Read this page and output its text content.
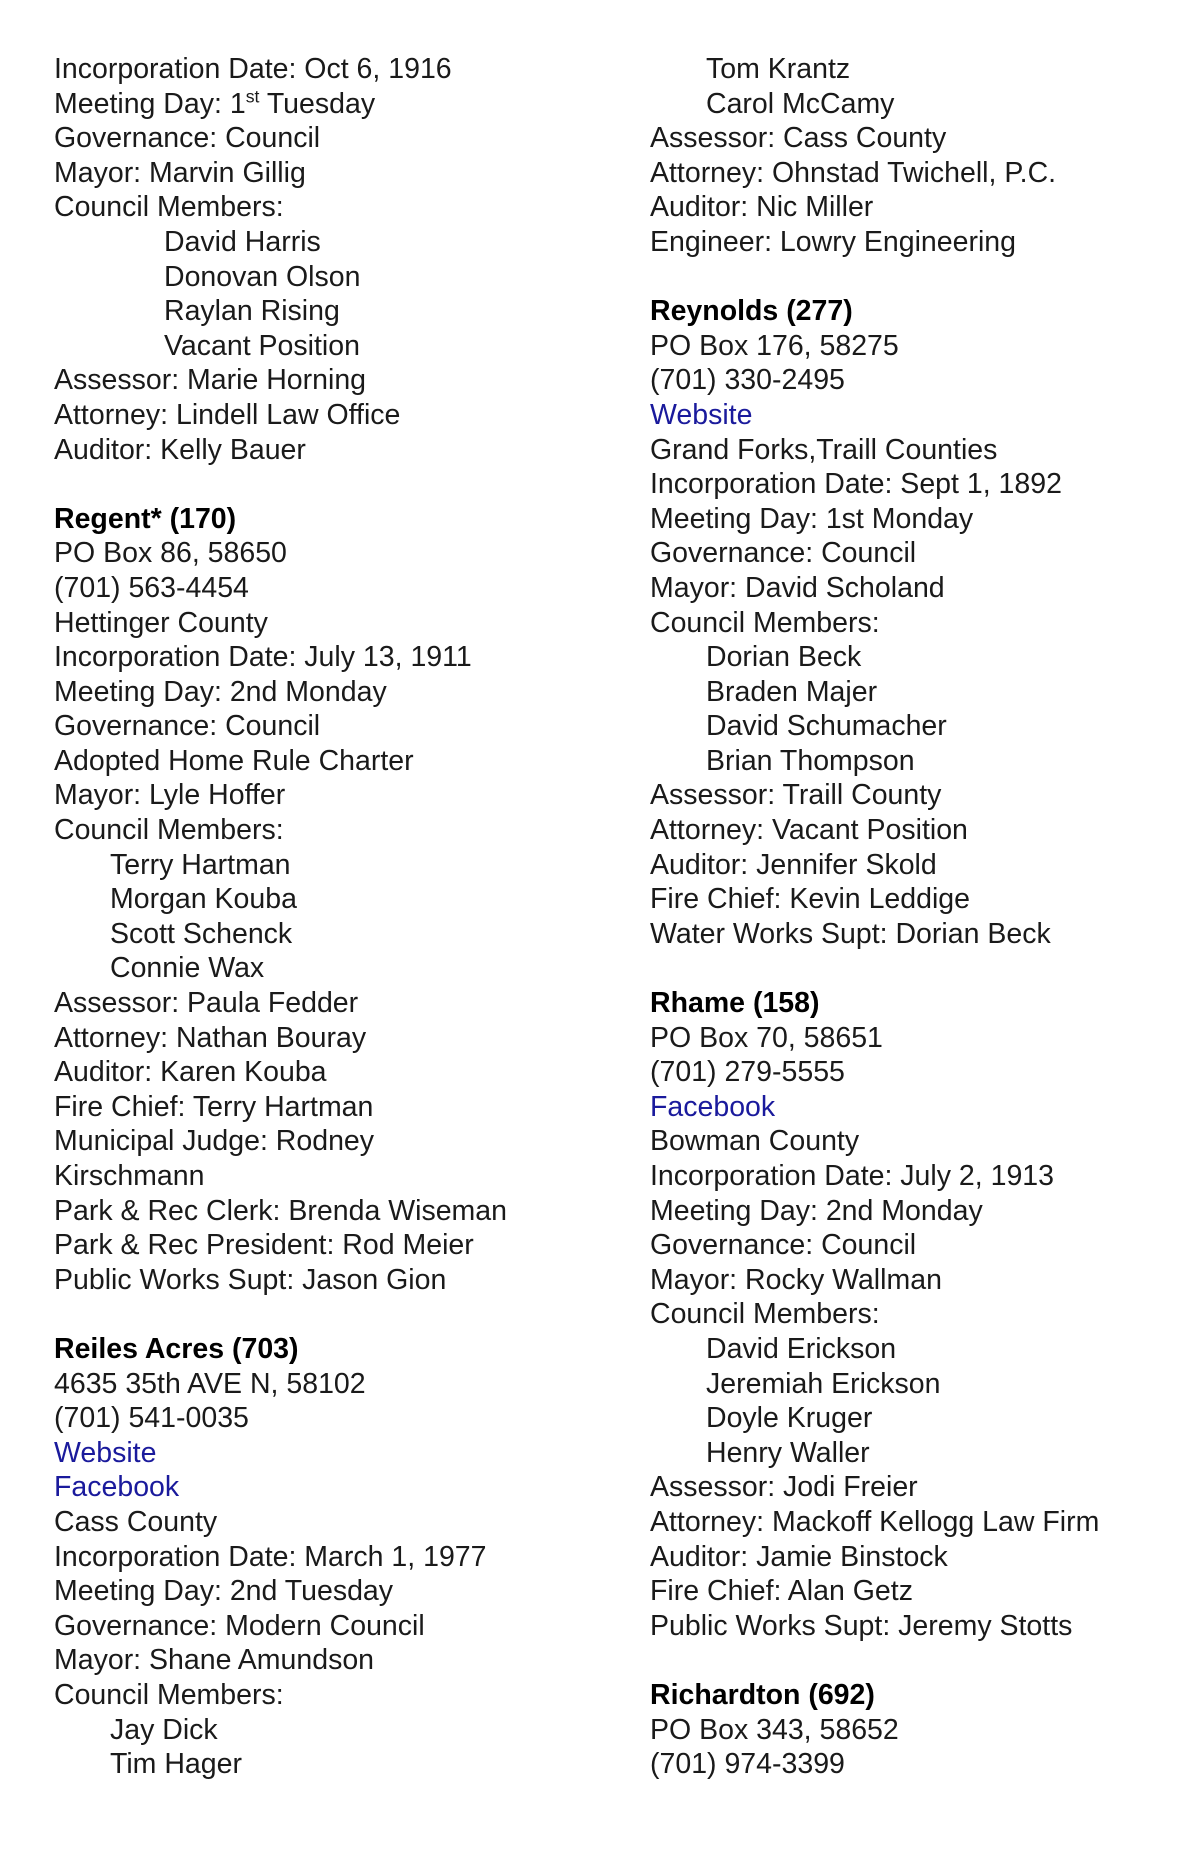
Incorporation Date: Oct 6, 1916
Meeting Day: 1st Tuesday
Governance: Council
Mayor: Marvin Gillig
Council Members:
David Harris
Donovan Olson
Raylan Rising
Vacant Position
Assessor: Marie Horning
Attorney: Lindell Law Office
Auditor: Kelly Bauer
Regent* (170)
PO Box 86, 58650
(701) 563-4454
Hettinger County
Incorporation Date: July 13, 1911
Meeting Day: 2nd Monday
Governance: Council
Adopted Home Rule Charter
Mayor: Lyle Hoffer
Council Members:
Terry Hartman
Morgan Kouba
Scott Schenck
Connie Wax
Assessor: Paula Fedder
Attorney: Nathan Bouray
Auditor: Karen Kouba
Fire Chief: Terry Hartman
Municipal Judge: Rodney
Kirschmann
Park & Rec Clerk: Brenda Wiseman
Park & Rec President: Rod Meier
Public Works Supt: Jason Gion
Reiles Acres (703)
4635 35th AVE N, 58102
(701) 541-0035
Website
Facebook
Cass County
Incorporation Date: March 1, 1977
Meeting Day: 2nd Tuesday
Governance: Modern Council
Mayor: Shane Amundson
Council Members:
Jay Dick
Tim Hager
Tom Krantz
Carol McCamy
Assessor: Cass County
Attorney: Ohnstad Twichell, P.C.
Auditor: Nic Miller
Engineer: Lowry Engineering
Reynolds (277)
PO Box 176, 58275
(701) 330-2495
Website
Grand Forks,Traill Counties
Incorporation Date: Sept 1, 1892
Meeting Day: 1st Monday
Governance: Council
Mayor: David Scholand
Council Members:
Dorian Beck
Braden Majer
David Schumacher
Brian Thompson
Assessor: Traill County
Attorney: Vacant Position
Auditor: Jennifer Skold
Fire Chief: Kevin Leddige
Water Works Supt: Dorian Beck
Rhame (158)
PO Box 70, 58651
(701) 279-5555
Facebook
Bowman County
Incorporation Date: July 2, 1913
Meeting Day: 2nd Monday
Governance: Council
Mayor: Rocky Wallman
Council Members:
David Erickson
Jeremiah Erickson
Doyle Kruger
Henry Waller
Assessor: Jodi Freier
Attorney: Mackoff Kellogg Law Firm
Auditor: Jamie Binstock
Fire Chief: Alan Getz
Public Works Supt: Jeremy Stotts
Richardton (692)
PO Box 343, 58652
(701) 974-3399
